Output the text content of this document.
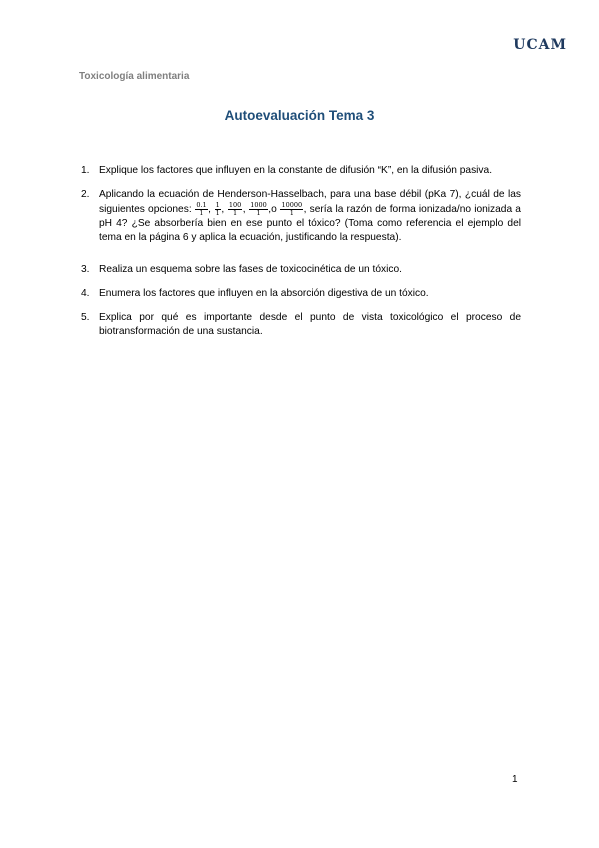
UCAM
Toxicología alimentaria
Autoevaluación Tema 3
1. Explique los factores que influyen en la constante de difusión “K”, en la difusión pasiva.
2. Aplicando la ecuación de Henderson-Hasselbach, para una base débil (pKa 7), ¿cuál de las siguientes opciones: $\frac{0.1}{1}$ , $\frac{1}{1}$ , $\frac{100}{1}$ , $\frac{1000}{1} ,o \frac{10000}{1}$ , sería la razón de forma ionizada/no ionizada a pH 4? ¿Se absorbería bien en ese punto el tóxico? (Toma como referencia el ejemplo del tema en la página 6 y aplica la ecuación, justificando la respuesta).
3. Realiza un esquema sobre las fases de toxicocinética de un tóxico.
4. Enumera los factores que influyen en la absorción digestiva de un tóxico.
5. Explica por qué es importante desde el punto de vista toxicológico el proceso de biotransformación de una sustancia.
1
